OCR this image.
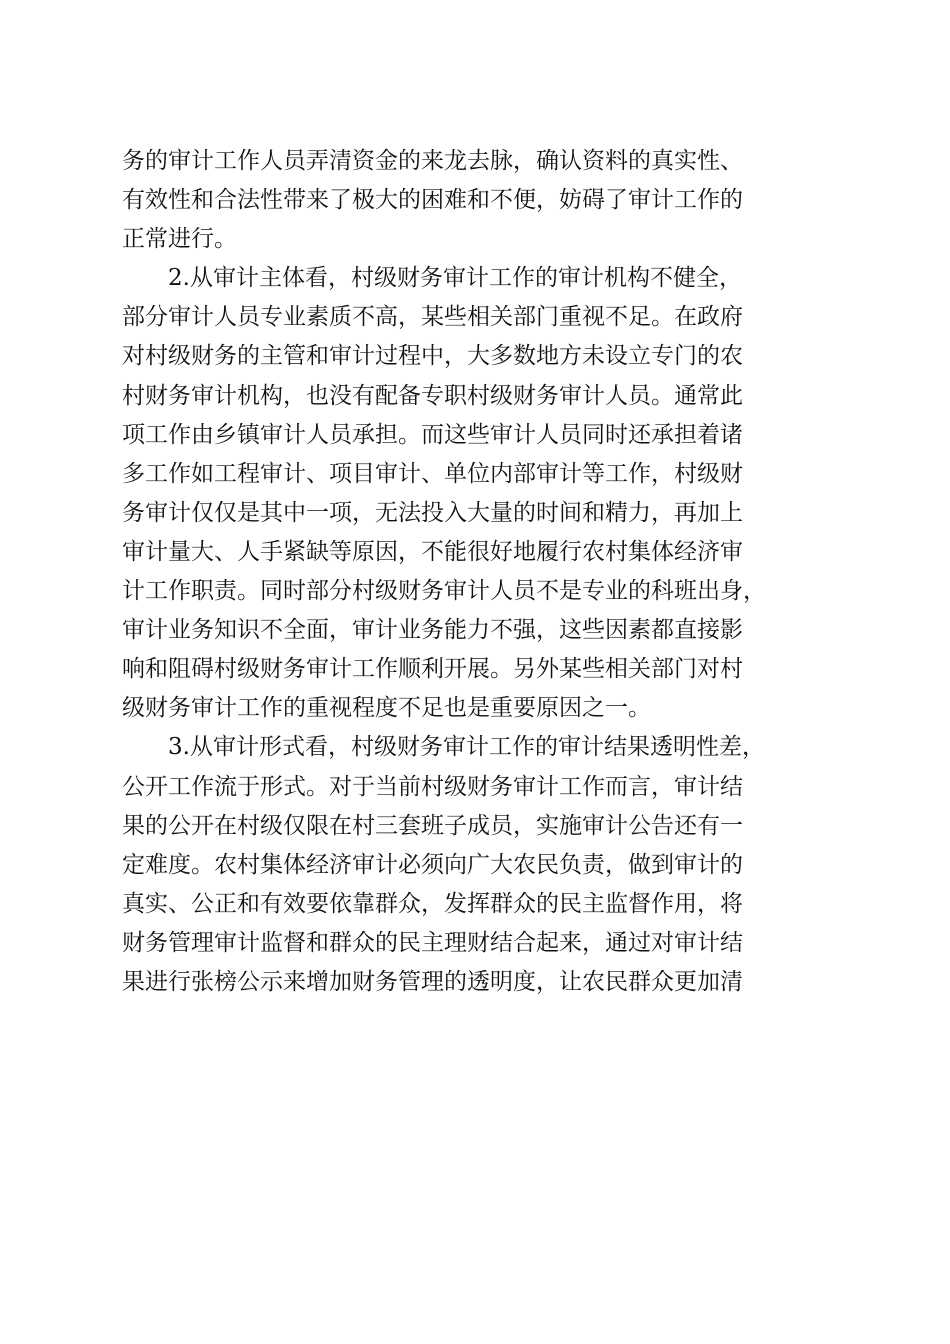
务的审计工作人员弄清资金的来龙去脉，确认资料的真实性、
有效性和合法性带来了极大的困难和不便，妨碍了审计工作的
正常进行。
2.从审计主体看，村级财务审计工作的审计机构不健全，
部分审计人员专业素质不高，某些相关部门重视不足。在政府
对村级财务的主管和审计过程中，大多数地方未设立专门的农
村财务审计机构，也没有配备专职村级财务审计人员。通常此
项工作由乡镇审计人员承担。而这些审计人员同时还承担着诸
多工作如工程审计、项目审计、单位内部审计等工作，村级财
务审计仅仅是其中一项，无法投入大量的时间和精力，再加上
审计量大、人手紧缺等原因，不能很好地履行农村集体经济审
计工作职责。同时部分村级财务审计人员不是专业的科班出身，
审计业务知识不全面，审计业务能力不强，这些因素都直接影
响和阻碍村级财务审计工作顺利开展。另外某些相关部门对村
级财务审计工作的重视程度不足也是重要原因之一。
3.从审计形式看，村级财务审计工作的审计结果透明性差，
公开工作流于形式。对于当前村级财务审计工作而言，审计结
果的公开在村级仅限在村三套班子成员，实施审计公告还有一
定难度。农村集体经济审计必须向广大农民负责，做到审计的
真实、公正和有效要依靠群众，发挥群众的民主监督作用，将
财务管理审计监督和群众的民主理财结合起来，通过对审计结
果进行张榜公示来增加财务管理的透明度，让农民群众更加清
